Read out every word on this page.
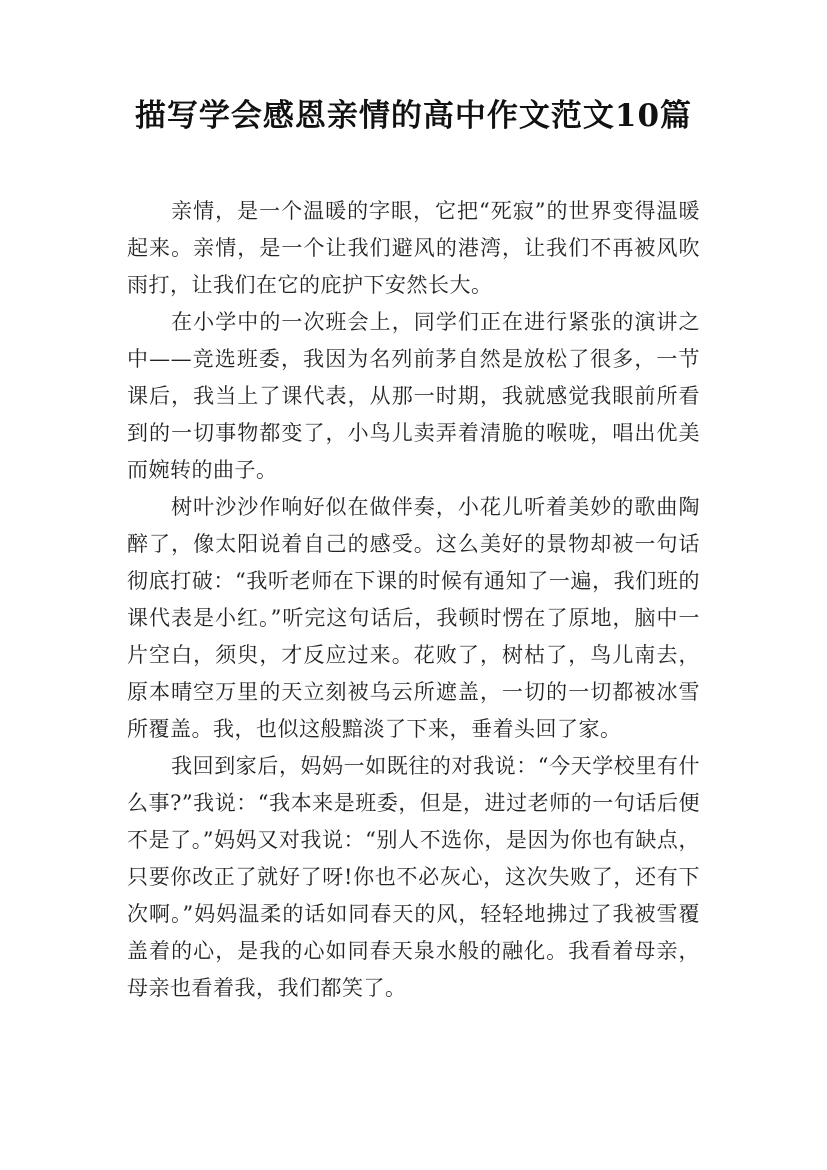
描写学会感恩亲情的高中作文范文10篇

亲情，是一个温暖的字眼，它把“死寂”的世界变得温暖起来。亲情，是一个让我们避风的港湾，让我们不再被风吹雨打，让我们在它的庇护下安然长大。

在小学中的一次班会上，同学们正在进行紧张的演讲之中——竞选班委，我因为名列前茅自然是放松了很多，一节课后，我当上了课代表，从那一时期，我就感觉我眼前所看到的一切事物都变了，小鸟儿卖弄着清脆的喉咙，唱出优美而婉转的曲子。

树叶沙沙作响好似在做伴奏，小花儿听着美妙的歌曲陶醉了，像太阳说着自己的感受。这么美好的景物却被一句话彻底打破：“我听老师在下课的时候有通知了一遍，我们班的课代表是小红。”听完这句话后，我顿时愣在了原地，脑中一片空白，须臾，才反应过来。花败了，树枯了，鸟儿南去，原本晴空万里的天立刻被乌云所遮盖，一切的一切都被冰雪所覆盖。我，也似这般黯淡了下来，垂着头回了家。

我回到家后，妈妈一如既往的对我说：“今天学校里有什么事?”我说：“我本来是班委，但是，进过老师的一句话后便不是了。”妈妈又对我说：“别人不选你，是因为你也有缺点，只要你改正了就好了呀!你也不必灰心，这次失败了，还有下次啊。”妈妈温柔的话如同春天的风，轻轻地拂过了我被雪覆盖着的心，是我的心如同春天泉水般的融化。我看着母亲，母亲也看着我，我们都笑了。
